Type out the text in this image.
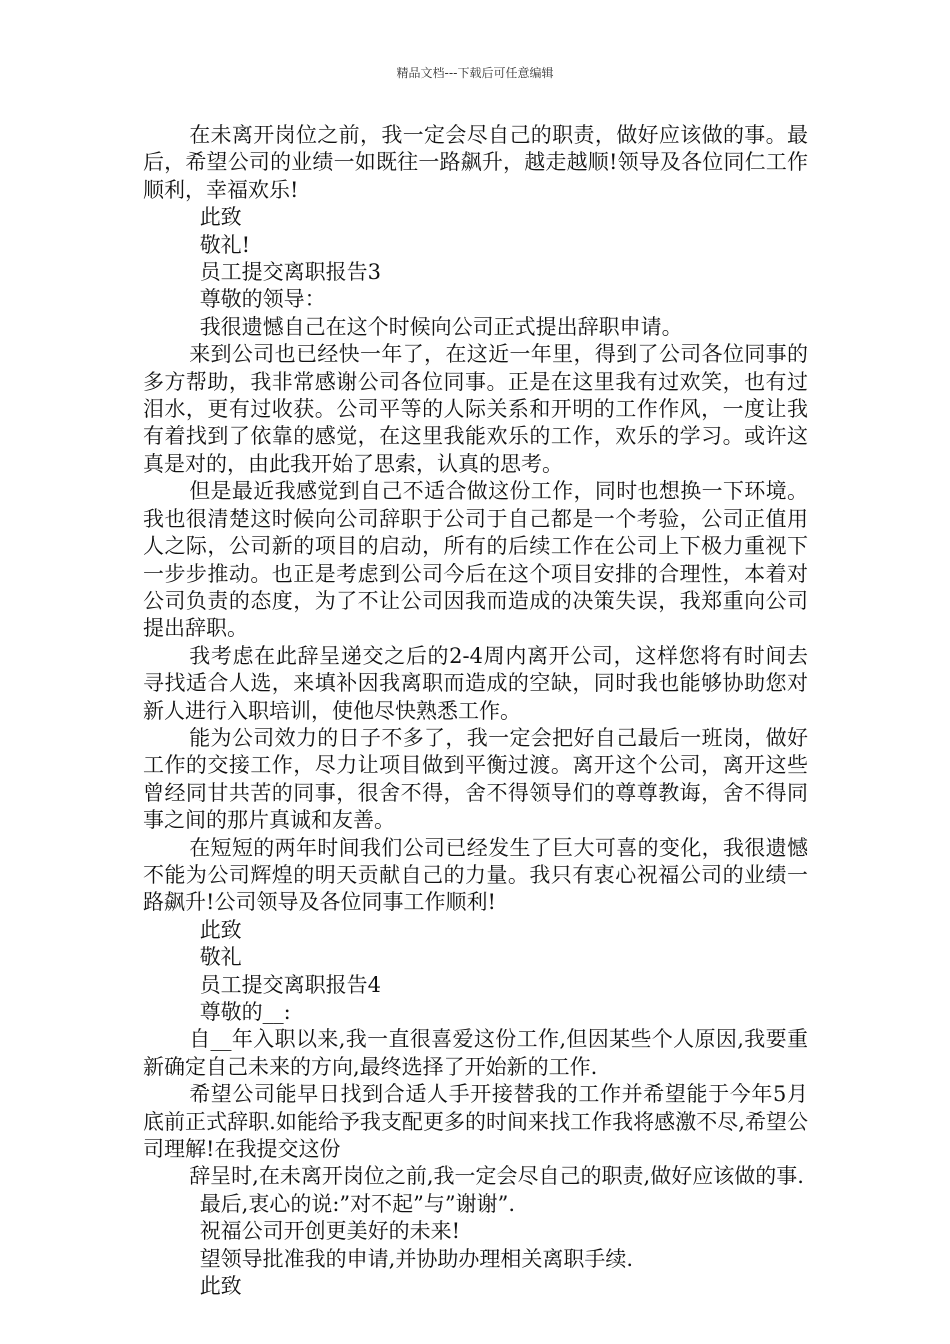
精品文档---下载后可任意编辑

在未离开岗位之前，我一定会尽自己的职责，做好应该做的事。最后，希望公司的业绩一如既往一路飙升，越走越顺!领导及各位同仁工作顺利，幸福欢乐!

此致

敬礼!

员工提交离职报告3

尊敬的领导：

我很遗憾自己在这个时候向公司正式提出辞职申请。

来到公司也已经快一年了，在这近一年里，得到了公司各位同事的多方帮助，我非常感谢公司各位同事。正是在这里我有过欢笑，也有过泪水，更有过收获。公司平等的人际关系和开明的工作作风，一度让我有着找到了依靠的感觉，在这里我能欢乐的工作，欢乐的学习。或许这真是对的，由此我开始了思索，认真的思考。

但是最近我感觉到自己不适合做这份工作，同时也想换一下环境。我也很清楚这时候向公司辞职于公司于自己都是一个考验，公司正值用人之际，公司新的项目的启动，所有的后续工作在公司上下极力重视下一步步推动。也正是考虑到公司今后在这个项目安排的合理性，本着对公司负责的态度，为了不让公司因我而造成的决策失误，我郑重向公司提出辞职。

我考虑在此辞呈递交之后的2-4周内离开公司，这样您将有时间去寻找适合人选，来填补因我离职而造成的空缺，同时我也能够协助您对新人进行入职培训，使他尽快熟悉工作。

能为公司效力的日子不多了，我一定会把好自己最后一班岗，做好工作的交接工作，尽力让项目做到平衡过渡。离开这个公司，离开这些曾经同甘共苦的同事，很舍不得，舍不得领导们的尊尊教诲，舍不得同事之间的那片真诚和友善。

在短短的两年时间我们公司已经发生了巨大可喜的变化，我很遗憾不能为公司辉煌的明天贡献自己的力量。我只有衷心祝福公司的业绩一路飙升!公司领导及各位同事工作顺利!

此致

敬礼

员工提交离职报告4

尊敬的__:

自__年入职以来,我一直很喜爱这份工作,但因某些个人原因,我要重新确定自己未来的方向,最终选择了开始新的工作.

希望公司能早日找到合适人手开接替我的工作并希望能于今年5月底前正式辞职.如能给予我支配更多的时间来找工作我将感激不尽,希望公司理解!在我提交这份

辞呈时,在未离开岗位之前,我一定会尽自己的职责,做好应该做的事.

最后,衷心的说:”对不起”与”谢谢”.

祝福公司开创更美好的未来!

望领导批准我的申请,并协助办理相关离职手续.

此致
